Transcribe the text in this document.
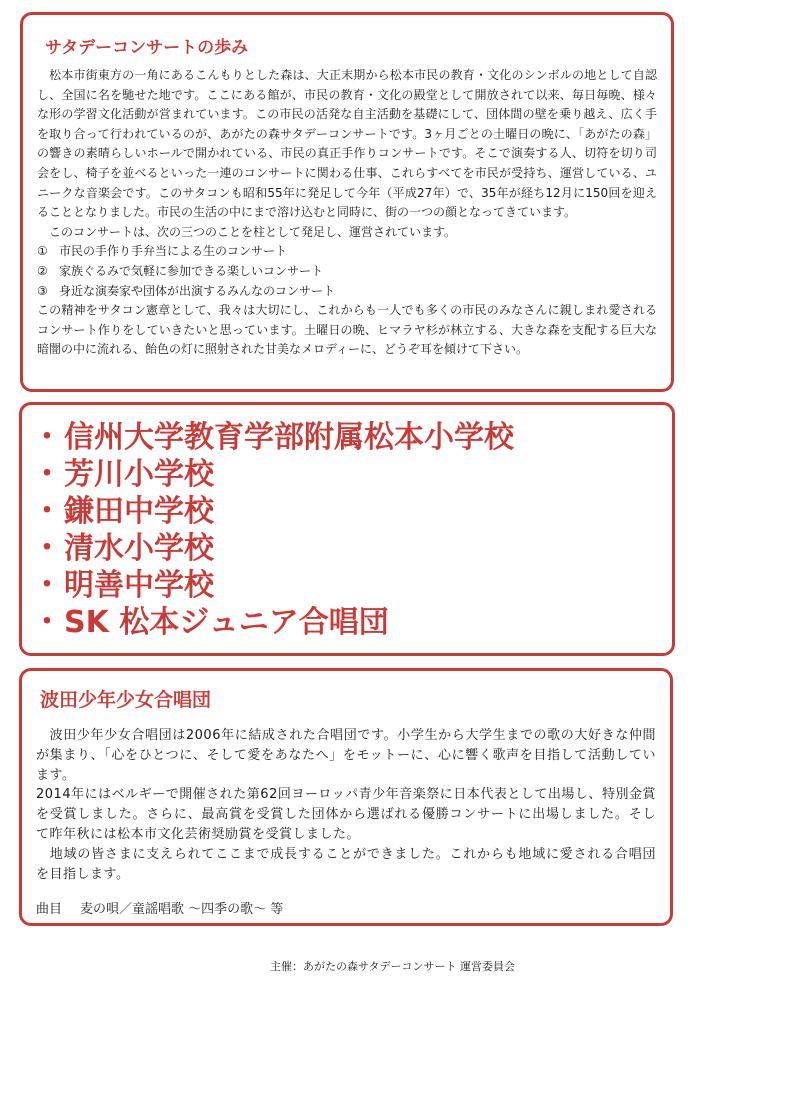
サタデーコンサートの歩み

　松本市街東方の一角にあるこんもりとした森は、大正末期から松本市民の教育・文化のシンボルの地として自認し、全国に名を馳せた地です。ここにある館が、市民の教育・文化の殿堂として開放されて以来、毎日毎晩、様々な形の学習文化活動が営まれています。この市民の活発な自主活動を基礎にして、団体間の壁を乗り越え、広く手を取り合って行われているのが、あがたの森サタデーコンサートです。3ヶ月ごとの土曜日の晩に、「あがたの森」の響きの素晴らしいホールで開かれている、市民の真正手作りコンサートです。そこで演奏する人、切符を切り司会をし、椅子を並べるといった一連のコンサートに関わる仕事、これらすべてを市民が受持ち、運営している、ユニークな音楽会です。このサタコンも昭和55年に発足して今年（平成27年）で、35年が経ち12月に150回を迎えることとなりました。市民の生活の中にまで溶け込むと同時に、街の一つの顔となってきています。

　このコンサートは、次の三つのことを柱として発足し、運営されています。

① 市民の手作り手弁当による生のコンサート
② 家族ぐるみで気軽に参加できる楽しいコンサート
③ 身近な演奏家や団体が出演するみんなのコンサート

この精神をサタコン憲章として、我々は大切にし、これからも一人でも多くの市民のみなさんに親しまれ愛されるコンサート作りをしていきたいと思っています。土曜日の晩、ヒマラヤ杉が林立する、大きな森を支配する巨大な暗闇の中に流れる、飴色の灯に照射された甘美なメロディーに、どうぞ耳を傾けて下さい。

・信州大学教育学部附属松本小学校
・芳川小学校
・鎌田中学校
・清水小学校
・明善中学校
・SK 松本ジュニア合唱団
波田少年少女合唱団

　波田少年少女合唱団は2006年に結成された合唱団です。小学生から大学生までの歌の大好きな仲間が集まり、「心をひとつに、そして愛をあなたへ」をモットーに、心に響く歌声を目指して活動しています。

2014年にはベルギーで開催された第62回ヨーロッパ青少年音楽祭に日本代表として出場し、特別金賞を受賞しました。さらに、最高賞を受賞した団体から選ばれる優勝コンサートに出場しました。そして昨年秋には松本市文化芸術奨励賞を受賞しました。

　地域の皆さまに支えられてここまで成長することができました。これからも地域に愛される合唱団を目指します。

曲目 麦の唄／童謡唱歌 〜四季の歌〜 等
主催：あがたの森サタデーコンサート 運営委員会
